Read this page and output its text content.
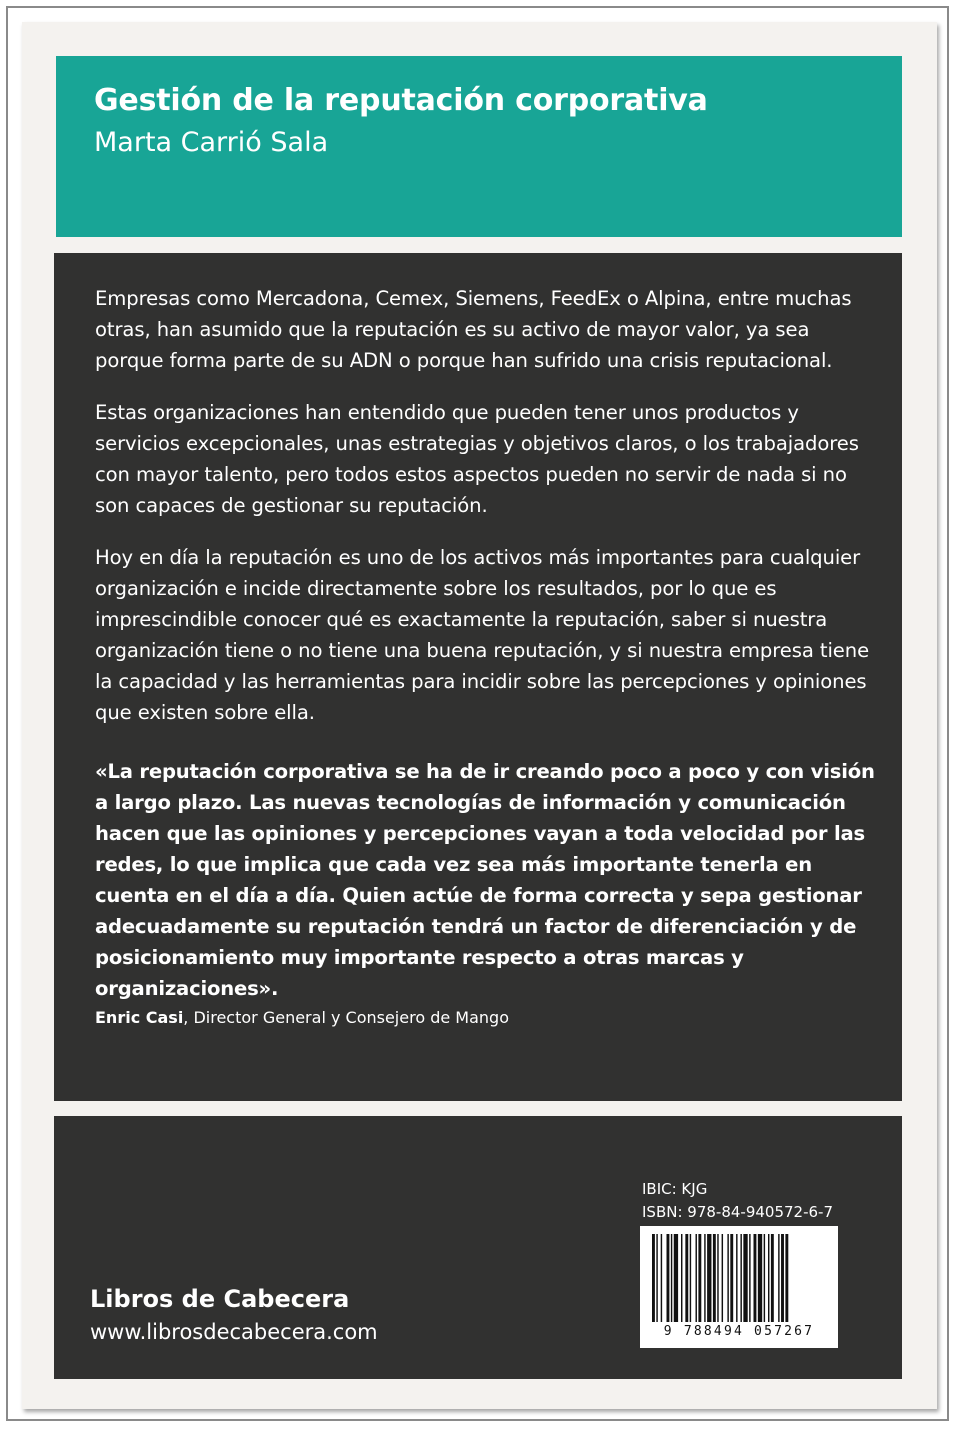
Gestión de la reputación corporativa

Marta Carrió Sala

Empresas como Mercadona, Cemex, Siemens, FeedEx o Alpina, entre muchas otras, han asumido que la reputación es su activo de mayor valor, ya sea porque forma parte de su ADN o porque han sufrido una crisis reputacional.

Estas organizaciones han entendido que pueden tener unos productos y servicios excepcionales, unas estrategias y objetivos claros, o los trabajadores con mayor talento, pero todos estos aspectos pueden no servir de nada si no son capaces de gestionar su reputación.

Hoy en día la reputación es uno de los activos más importantes para cualquier organización e incide directamente sobre los resultados, por lo que es imprescindible conocer qué es exactamente la reputación, saber si nuestra organización tiene o no tiene una buena reputación, y si nuestra empresa tiene la capacidad y las herramientas para incidir sobre las percepciones y opiniones que existen sobre ella.

«La reputación corporativa se ha de ir creando poco a poco y con visión a largo plazo. Las nuevas tecnologías de información y comunicación hacen que las opiniones y percepciones vayan a toda velocidad por las redes, lo que implica que cada vez sea más importante tenerla en cuenta en el día a día. Quien actúe de forma correcta y sepa gestionar adecuadamente su reputación tendrá un factor de diferenciación y de posicionamiento muy importante respecto a otras marcas y organizaciones».

Enric Casi, Director General y Consejero de Mango

IBIC: KJG
ISBN: 978-84-940572-6-7
9 788494 057267

Libros de Cabecera

www.librosdecabecera.com
